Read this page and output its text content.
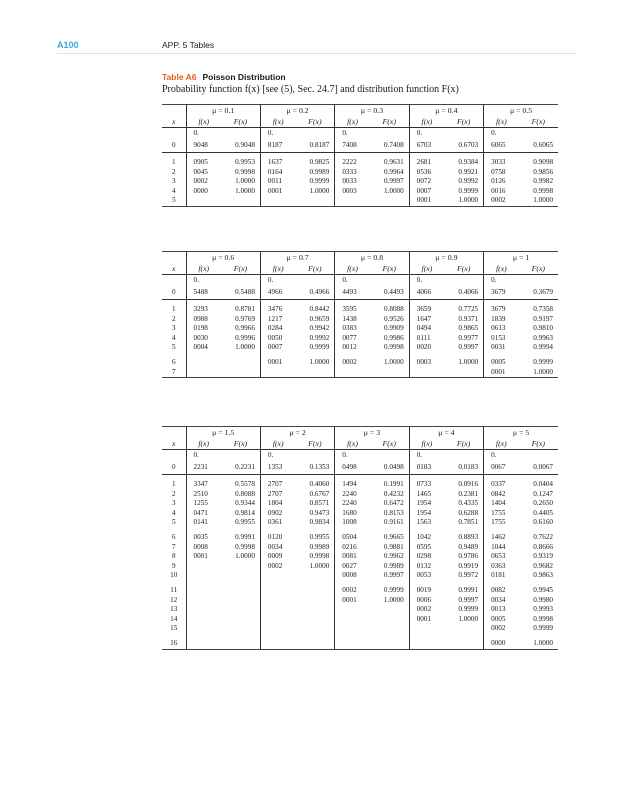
A100	APP. 5 Tables
Table A6 Poisson Distribution
Probability function f(x) [see (5), Sec. 24.7] and distribution function F(x)
	μ = 0.1		μ = 0.2		μ = 0.3		μ = 0.4		μ = 0.5	
x	f(x)	F(x)	f(x)	F(x)	f(x)	F(x)	f(x)	F(x)	f(x)	F(x)
	0.		0.		0.		0.		0.	
0	9048	0.9048	8187	0.8187	7408	0.7408	6703	0.6703	6065	0.6065

1	0905	0.9953	1637	0.9825	2222	0.9631	2681	0.9384	3033	0.9098
2	0045	0.9998	0164	0.9989	0333	0.9964	0536	0.9921	0758	0.9856
3	0002	1.0000	0011	0.9999	0033	0.9997	0072	0.9992	0126	0.9982
4	0000	1.0000	0001	1.0000	0003	1.0000	0007	0.9999	0016	0.9998
5							0001	1.0000	0002	1.0000
	μ = 0.6		μ = 0.7		μ = 0.8		μ = 0.9		μ = 1	
x	f(x)	F(x)	f(x)	F(x)	f(x)	F(x)	f(x)	F(x)	f(x)	F(x)
	0.		0.		0.		0.		0.	
0	5488	0.5488	4966	0.4966	4493	0.4493	4066	0.4066	3679	0.3679

1	3293	0.8781	3476	0.8442	3595	0.8088	3659	0.7725	3679	0.7358
2	0988	0.9769	1217	0.9659	1438	0.9526	1647	0.9371	1839	0.9197
3	0198	0.9966	0284	0.9942	0383	0.9909	0494	0.9865	0613	0.9810
4	0030	0.9996	0050	0.9992	0077	0.9986	0111	0.9977	0153	0.9963
5	0004	1.0000	0007	0.9999	0012	0.9998	0020	0.9997	0031	0.9994

6			0001	1.0000	0002	1.0000	0003	1.0000	0005	0.9999
7									0001	1.0000
	μ = 1.5		μ = 2		μ = 3		μ = 4		μ = 5	
x	f(x)	F(x)	f(x)	F(x)	f(x)	F(x)	f(x)	F(x)	f(x)	F(x)
	0.		0.		0.		0.		0.	
0	2231	0.2231	1353	0.1353	0498	0.0498	0183	0.0183	0067	0.0067

1	3347	0.5578	2707	0.4060	1494	0.1991	0733	0.0916	0337	0.0404
2	2510	0.8088	2707	0.6767	2240	0.4232	1465	0.2381	0842	0.1247
3	1255	0.9344	1804	0.8571	2240	0.6472	1954	0.4335	1404	0.2650
4	0471	0.9814	0902	0.9473	1680	0.8153	1954	0.6288	1755	0.4405
5	0141	0.9955	0361	0.9834	1008	0.9161	1563	0.7851	1755	0.6160

6	0035	0.9991	0120	0.9955	0504	0.9665	1042	0.8893	1462	0.7622
7	0008	0.9998	0034	0.9989	0216	0.9881	0595	0.9489	1044	0.8666
8	0001	1.0000	0009	0.9998	0081	0.9962	0298	0.9786	0653	0.9319
9			0002	1.0000	0027	0.9989	0132	0.9919	0363	0.9682
10					0008	0.9997	0053	0.9972	0181	0.9863

11					0002	0.9999	0019	0.9991	0082	0.9945
12					0001	1.0000	0006	0.9997	0034	0.9980
13							0002	0.9999	0013	0.9993
14							0001	1.0000	0005	0.9998
15									0002	0.9999

16									0000	1.0000
